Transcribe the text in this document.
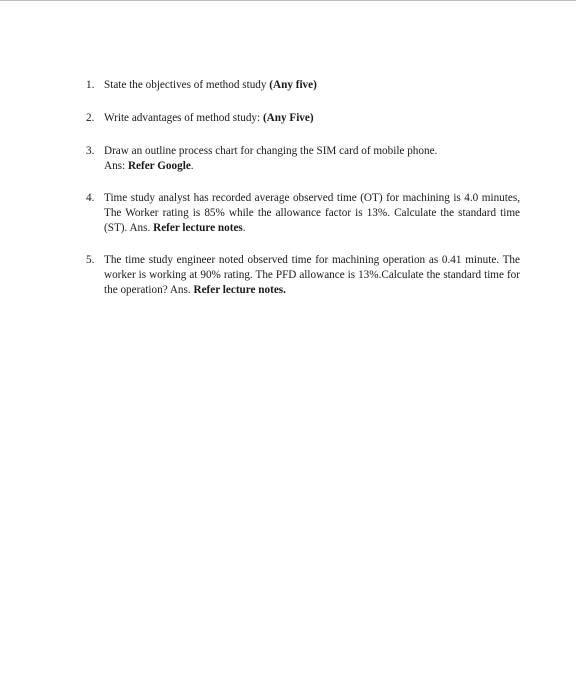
1. State the objectives of method study (Any five)
2. Write advantages of method study: (Any Five)
3. Draw an outline process chart for changing the SIM card of mobile phone.
Ans: Refer Google.
4. Time study analyst has recorded average observed time (OT) for machining is 4.0 minutes, The Worker rating is 85% while the allowance factor is 13%. Calculate the standard time (ST). Ans. Refer lecture notes.
5. The time study engineer noted observed time for machining operation as 0.41 minute. The worker is working at 90% rating. The PFD allowance is 13%.Calculate the standard time for the operation? Ans. Refer lecture notes.
